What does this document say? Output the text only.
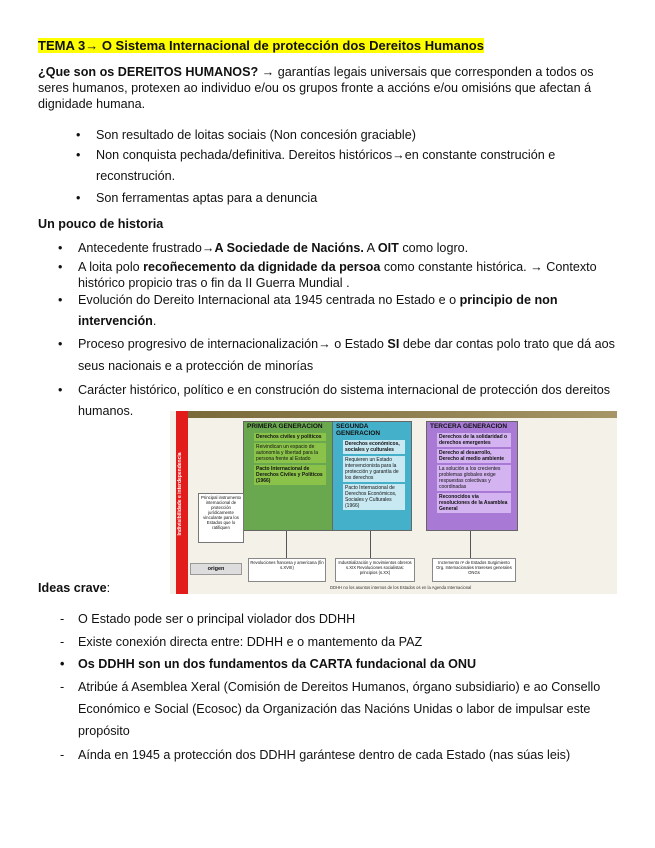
TEMA 3→ O Sistema Internacional de protección dos Dereitos Humanos
¿Que son os DEREITOS HUMANOS? → garantías legais universais que corresponden a todos os
seres humanos, protexen ao individuo e/ou os grupos fronte a accións e/ou omisións que afectan á
dignidade humana.
• Son resultado de loitas sociais (Non concesión graciable)
• Non conquista pechada/definitiva. Dereitos históricos→en constante construción e
reconstrución.
• Son ferramentas aptas para a denuncia
Un pouco de historia
• Antecedente frustrado→A Sociedade de Nacións. A OIT como logro.
• A loita polo recoñecemento da dignidade da persoa como constante histórica. → Contexto
histórico propicio tras o fin da II Guerra Mundial .
• Evolución do Dereito Internacional ata 1945 centrada no Estado e o principio de non
intervención.
• Proceso progresivo de internacionalización→ o Estado SI debe dar contas polo trato que dá aos
seus nacionais e a protección de minorías
• Carácter histórico, político e en construción do sistema internacional de protección dos dereitos
humanos.
Indivisibilidade e interdependencia
PRIMERA GENERACION
Derechos civiles y políticos
Reivindican un espacio de autonomía y libertad para la persona frente al Estado
Pacto Internacional de Derechos Civiles y Políticos (1966)
SEGUNDA GENERACION
Derechos económicos, sociales y culturales
Requieren un Estado intervencionista para la protección y garantía de los derechos
Pacto Internacional de Derechos Económicos, Sociales y Culturales (1966)
TERCERA GENERACION
Derechos de la solidaridad o derechos emergentes
Derecho al desarrollo, Derecho al medio ambiente
La solución a los crecientes problemas globales exige respuestas colectivas y coordinadas
Reconocidos vía resoluciones de la Asamblea General
Principal instrumento internacional de protección jurídicamente vinculante para los Estados que lo ratifiquen
origen
Revoluciones francesa y americana (fin s.XVIII)
Industrialización y movimientos obreros s.XIX Revoluciones socialistas: principios (s.XX)
Incremento nº de Estados Surgimiento Org. Internacionales Intereses generales ONGs
DDHH no los asuntos internos de los Estados os en la Agenda Internacional
Ideas crave:
- O Estado pode ser o principal violador dos DDHH
- Existe conexión directa entre: DDHH e o mantemento da PAZ
• Os DDHH son un dos fundamentos da CARTA fundacional da ONU
- Atribúe á Asemblea Xeral (Comisión de Dereitos Humanos, órgano subsidiario) e ao Consello
Económico e Social (Ecosoc) da Organización das Nacións Unidas o labor de impulsar este
propósito
- Aínda en 1945 a protección dos DDHH garántese dentro de cada Estado (nas súas leis)
